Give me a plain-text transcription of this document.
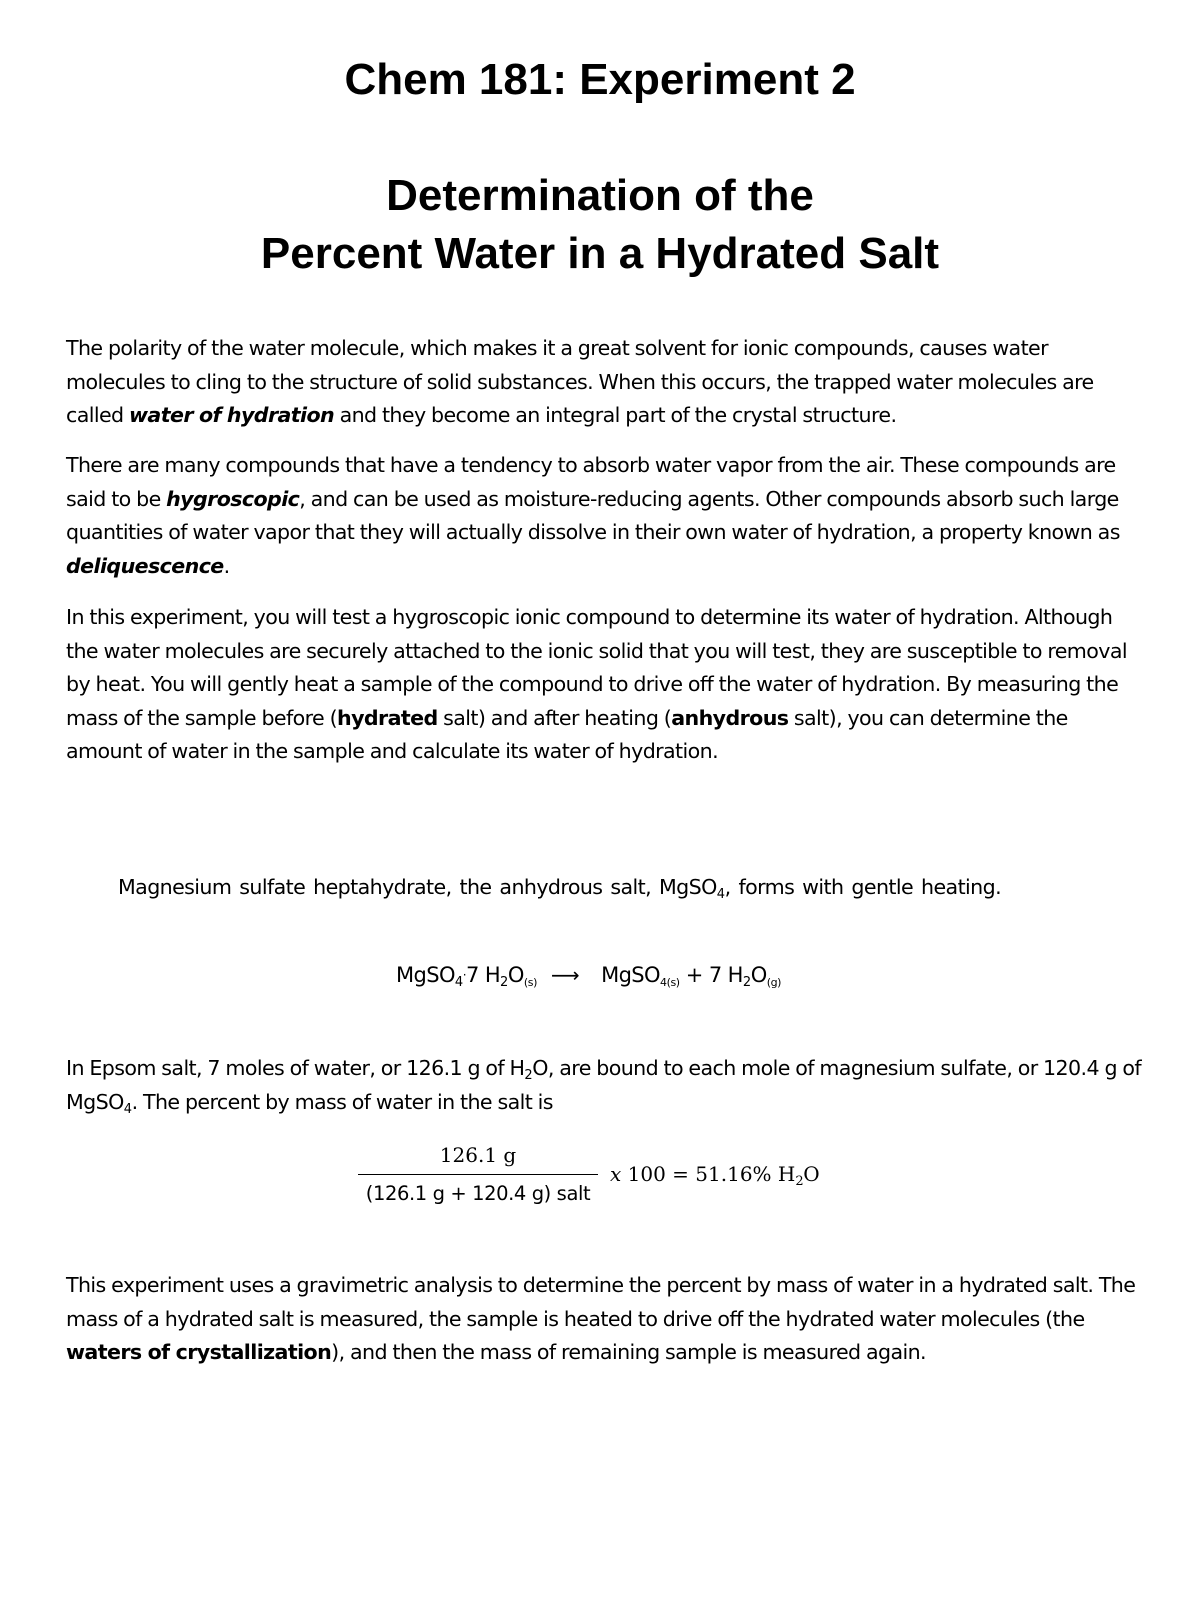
Chem 181: Experiment 2
Determination of the
Percent Water in a Hydrated Salt

The polarity of the water molecule, which makes it a great solvent for ionic compounds, causes water molecules to cling to the structure of solid substances. When this occurs, the trapped water molecules are called water of hydration and they become an integral part of the crystal structure.

There are many compounds that have a tendency to absorb water vapor from the air. These compounds are said to be hygroscopic, and can be used as moisture-reducing agents. Other compounds absorb such large quantities of water vapor that they will actually dissolve in their own water of hydration, a property known as deliquescence.

In this experiment, you will test a hygroscopic ionic compound to determine its water of hydration. Although the water molecules are securely attached to the ionic solid that you will test, they are susceptible to removal by heat. You will gently heat a sample of the compound to drive off the water of hydration. By measuring the mass of the sample before (hydrated salt) and after heating (anhydrous salt), you can determine the amount of water in the sample and calculate its water of hydration.

Magnesium sulfate heptahydrate, the anhydrous salt, MgSO$_4$, forms with gentle heating.

MgSO$_4$·7 $H_2O_{(s)}$ ⟶ MgSO$_{4(s)}$ + 7 $H_2O_{(g)}$

In Epsom salt, 7 moles of water, or 126.1 g of $H_2O$, are bound to each mole of magnesium sulfate, or 120.4 g of MgSO$_4$. The percent by mass of water in the salt is

126.1 g
(126.1 g + 120.4 g) salt
x 100 = 51.16% $H_2O$

This experiment uses a gravimetric analysis to determine the percent by mass of water in a hydrated salt. The mass of a hydrated salt is measured, the sample is heated to drive off the hydrated water molecules (the waters of crystallization), and then the mass of remaining sample is measured again.
